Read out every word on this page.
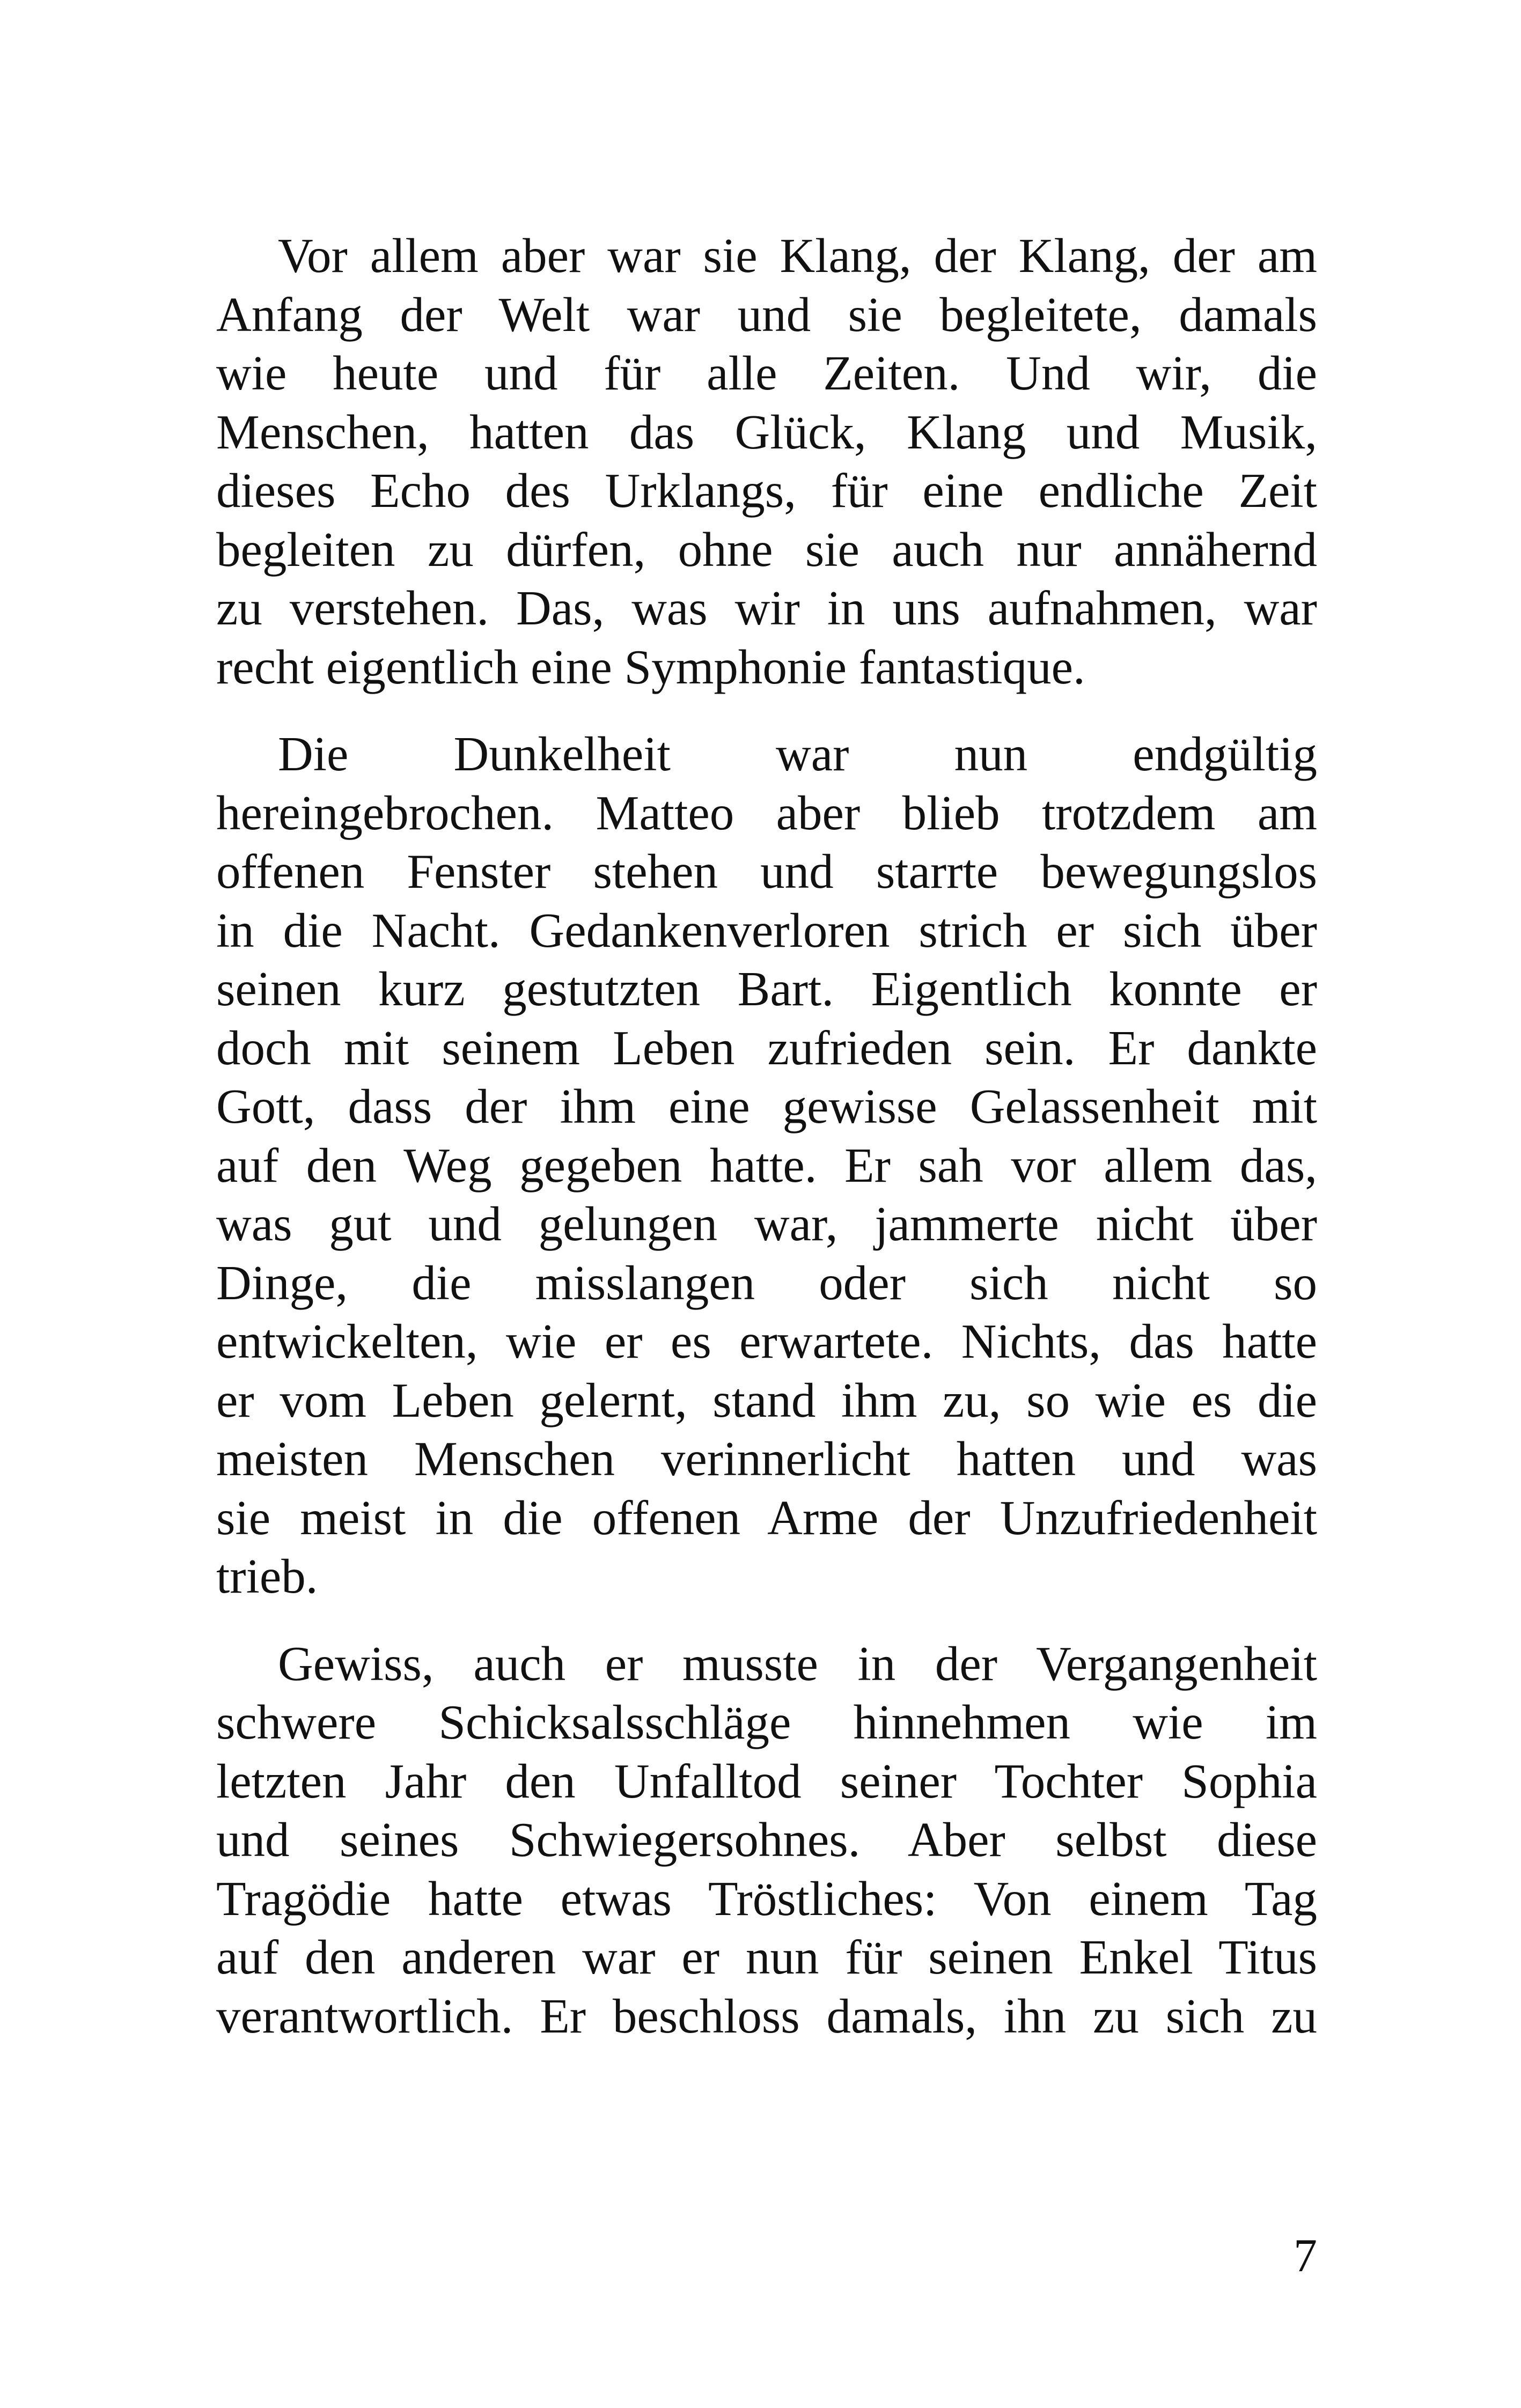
Vor allem aber war sie Klang, der Klang, der am
Anfang der Welt war und sie begleitete, damals
wie heute und für alle Zeiten. Und wir, die
Menschen, hatten das Glück, Klang und Musik,
dieses Echo des Urklangs, für eine endliche Zeit
begleiten zu dürfen, ohne sie auch nur annähernd
zu verstehen. Das, was wir in uns aufnahmen, war
recht eigentlich eine Symphonie fantastique.
Die Dunkelheit war nun endgültig
hereingebrochen. Matteo aber blieb trotzdem am
offenen Fenster stehen und starrte bewegungslos
in die Nacht. Gedankenverloren strich er sich über
seinen kurz gestutzten Bart. Eigentlich konnte er
doch mit seinem Leben zufrieden sein. Er dankte
Gott, dass der ihm eine gewisse Gelassenheit mit
auf den Weg gegeben hatte. Er sah vor allem das,
was gut und gelungen war, jammerte nicht über
Dinge, die misslangen oder sich nicht so
entwickelten, wie er es erwartete. Nichts, das hatte
er vom Leben gelernt, stand ihm zu, so wie es die
meisten Menschen verinnerlicht hatten und was
sie meist in die offenen Arme der Unzufriedenheit
trieb.
Gewiss, auch er musste in der Vergangenheit
schwere Schicksalsschläge hinnehmen wie im
letzten Jahr den Unfalltod seiner Tochter Sophia
und seines Schwiegersohnes. Aber selbst diese
Tragödie hatte etwas Tröstliches: Von einem Tag
auf den anderen war er nun für seinen Enkel Titus
verantwortlich. Er beschloss damals, ihn zu sich zu
7
